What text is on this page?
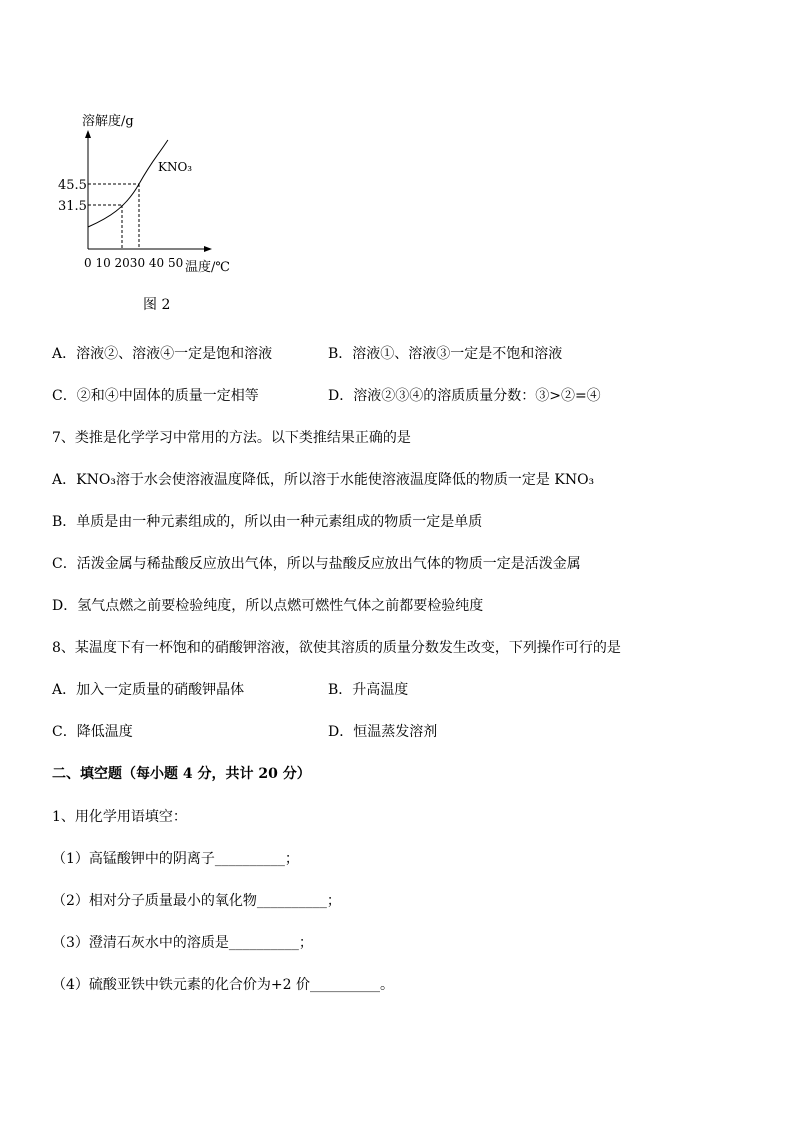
溶解度/g
45.5
31.5
KNO₃
0 10 2030 40 50 温度/℃
图 2
A．溶液②、溶液④一定是饱和溶液	B．溶液①、溶液③一定是不饱和溶液
C．②和④中固体的质量一定相等	D．溶液②③④的溶质质量分数：③>②=④
7、类推是化学学习中常用的方法。以下类推结果正确的是
A．KNO₃溶于水会使溶液温度降低，所以溶于水能使溶液温度降低的物质一定是 KNO₃
B．单质是由一种元素组成的，所以由一种元素组成的物质一定是单质
C．活泼金属与稀盐酸反应放出气体，所以与盐酸反应放出气体的物质一定是活泼金属
D．氢气点燃之前要检验纯度，所以点燃可燃性气体之前都要检验纯度
8、某温度下有一杯饱和的硝酸钾溶液，欲使其溶质的质量分数发生改变，下列操作可行的是
A．加入一定质量的硝酸钾晶体	B．升高温度
C．降低温度	D．恒温蒸发溶剂
二、填空题（每小题 4 分，共计 20 分）
1、用化学用语填空：
（1）高锰酸钾中的阴离子__________；
（2）相对分子质量最小的氧化物__________；
（3）澄清石灰水中的溶质是__________；
（4）硫酸亚铁中铁元素的化合价为+2 价__________。
